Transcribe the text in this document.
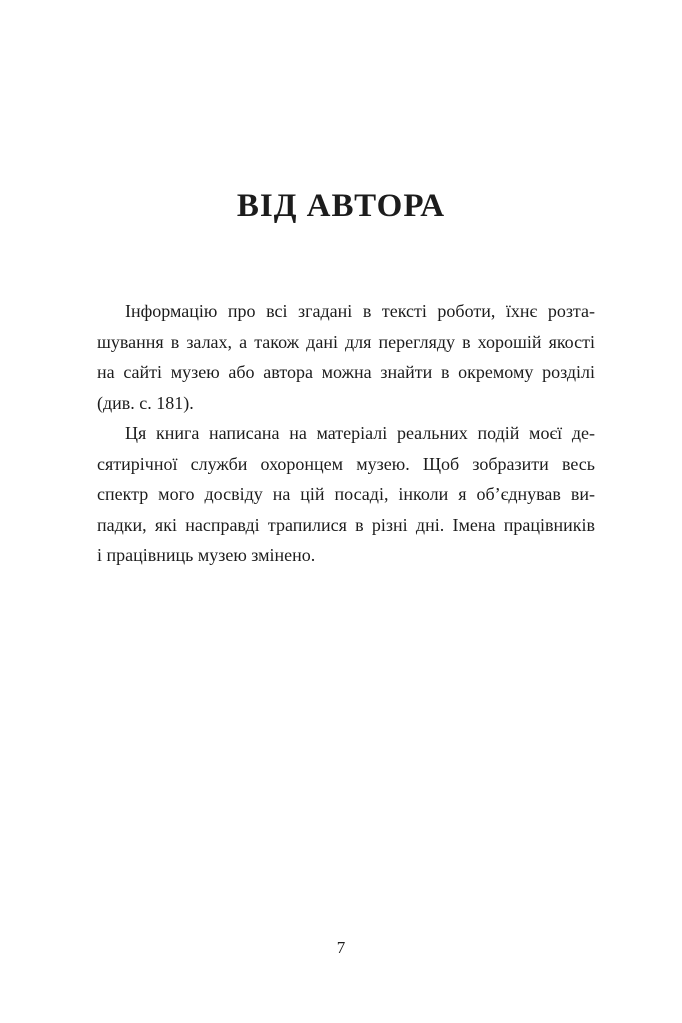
ВІД АВТОРА
Інформацію про всі згадані в тексті роботи, їхнє розта-
шування в залах, а також дані для перегляду в хорошій якості
на сайті музею або автора можна знайти в окремому розділі
(див. с. 181).
Ця книга написана на матеріалі реальних подій моєї де-
сятирічної служби охоронцем музею. Щоб зобразити весь
спектр мого досвіду на цій посаді, інколи я об’єднував ви-
падки, які насправді трапилися в різні дні. Імена працівників
і працівниць музею змінено.
7
